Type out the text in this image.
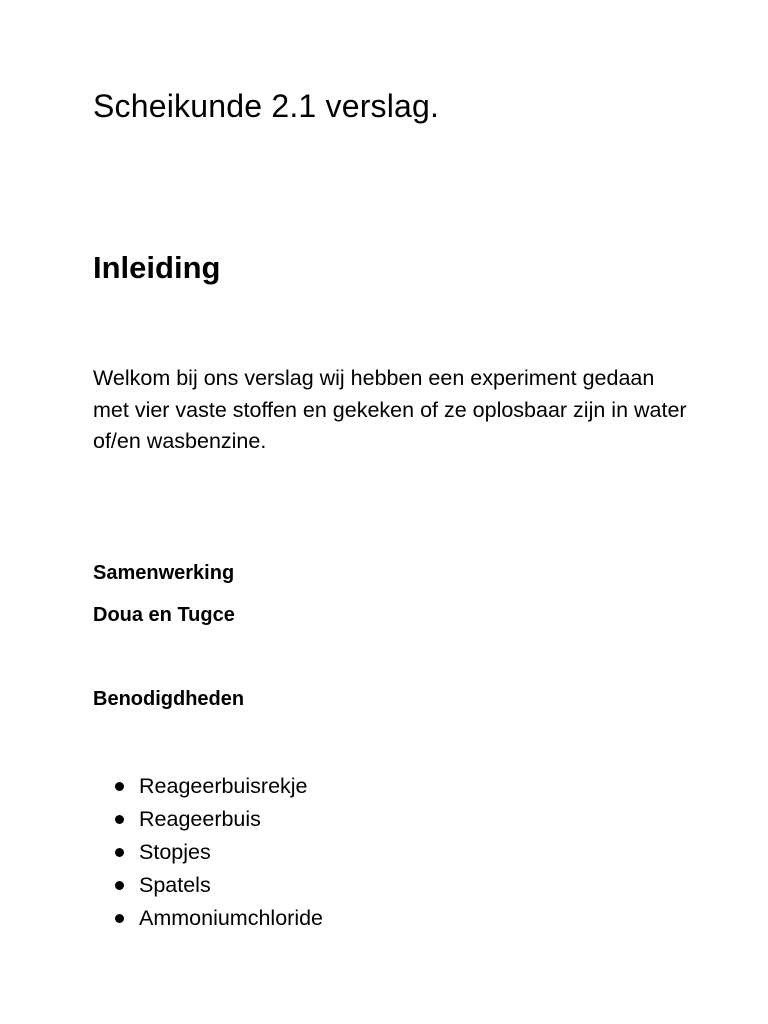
Scheikunde 2.1 verslag.
Inleiding

Welkom bij ons verslag wij hebben een experiment gedaan met vier vaste stoffen en gekeken of ze oplosbaar zijn in water of/en wasbenzine.

Samenwerking

Doua en Tugce

Benodigdheden

Reageerbuisrekje
Reageerbuis
Stopjes
Spatels
Ammoniumchloride
